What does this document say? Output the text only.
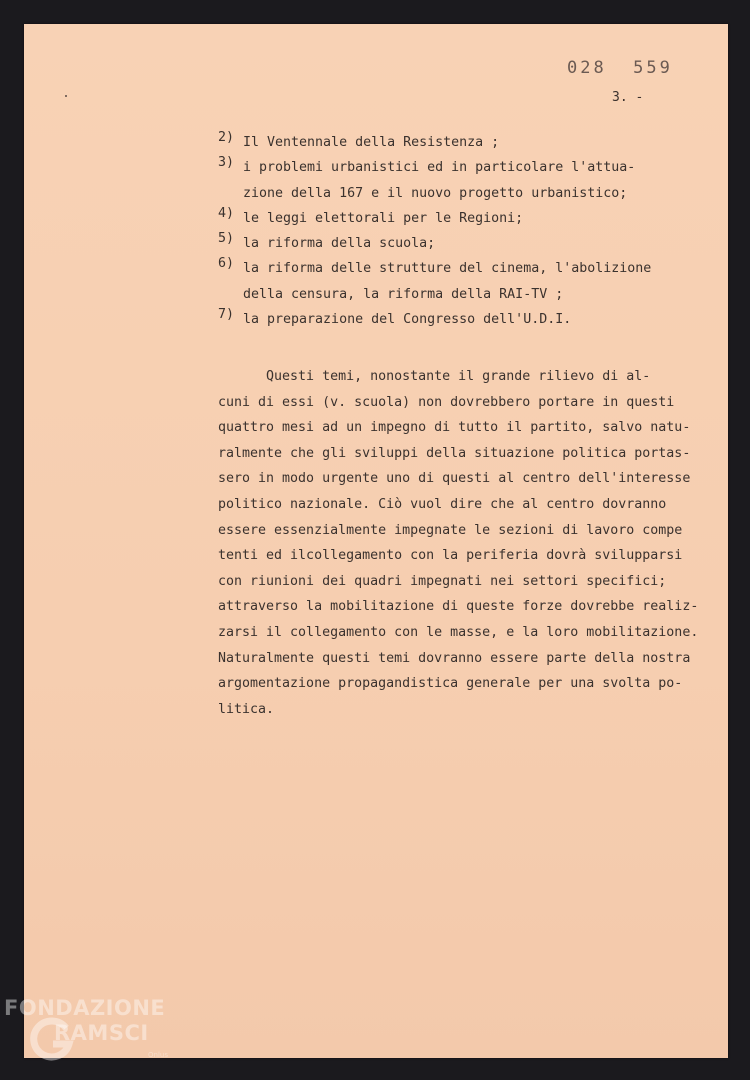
028  559
3. -
2) Il Ventennale della Resistenza ;
3) i problemi urbanistici ed in particolare l'attua-
zione della 167 e il nuovo progetto urbanistico;
4) le leggi elettorali per le Regioni;
5) la riforma della scuola;
6) la riforma delle strutture del cinema, l'abolizione
della censura, la riforma della RAI-TV ;
7) la preparazione del Congresso dell'U.D.I.

Questi temi, nonostante il grande rilievo di al-
cuni di essi (v. scuola) non dovrebbero portare in questi
quattro mesi ad un impegno di tutto il partito, salvo natu-
ralmente che gli sviluppi della situazione politica portas-
sero in modo urgente uno di questi al centro dell'interesse
politico nazionale. Ciò vuol dire che al centro dovranno
essere essenzialmente impegnate le sezioni di lavoro compe
tenti ed ilcollegamento con la periferia dovrà svilupparsi
con riunioni dei quadri impegnati nei settori specifici;
attraverso la mobilitazione di queste forze dovrebbe realiz-
zarsi il collegamento con le masse, e la loro mobilitazione.
Naturalmente questi temi dovranno essere parte della nostra
argomentazione propagandistica generale per una svolta po-
litica.

FONDAZIONE
RAMSCI
Onlus
